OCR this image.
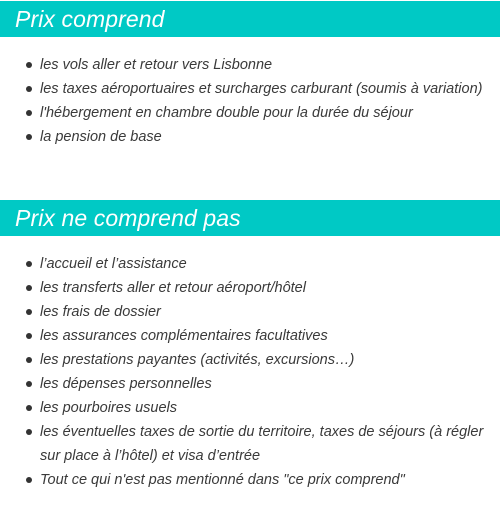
Prix comprend
les vols aller et retour vers Lisbonne
les taxes aéroportuaires et surcharges carburant (soumis à variation)
l'hébergement en chambre double pour la durée du séjour
la pension de base
Prix ne comprend pas
l’accueil et l’assistance
les transferts aller et retour aéroport/hôtel
les frais de dossier
les assurances complémentaires facultatives
les prestations payantes (activités, excursions…)
les dépenses personnelles
les pourboires usuels
les éventuelles taxes de sortie du territoire, taxes de séjours (à régler sur place à l’hôtel) et visa d’entrée
Tout ce qui n'est pas mentionné dans "ce prix comprend"
